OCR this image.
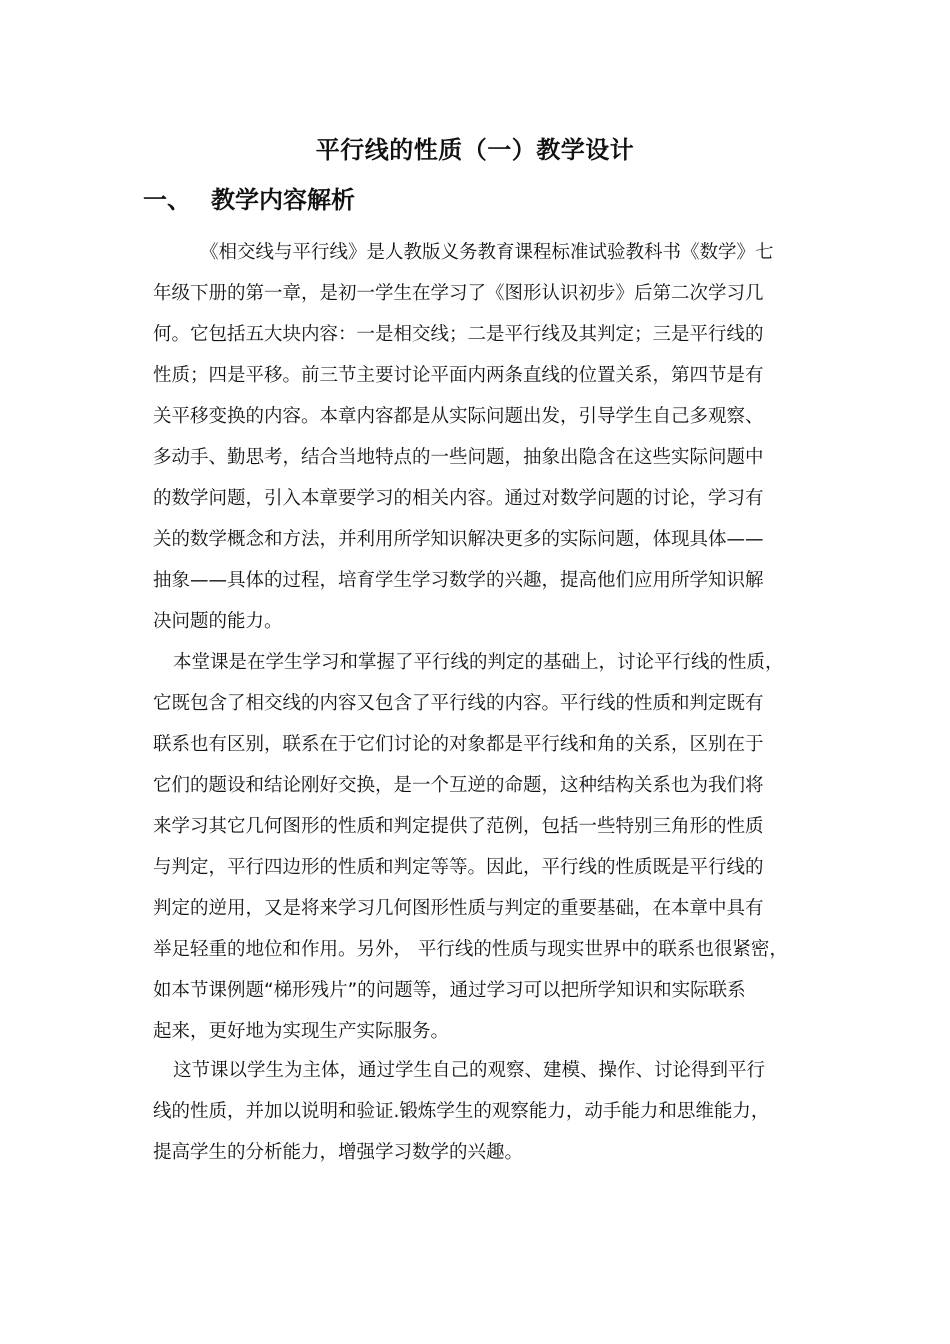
平行线的性质（一）教学设计
一、 教学内容解析

《相交线与平行线》是人教版义务教育课程标准试验教科书《数学》七

年级下册的第一章，是初一学生在学习了《图形认识初步》后第二次学习几

何。它包括五大块内容：一是相交线；二是平行线及其判定；三是平行线的

性质；四是平移。前三节主要讨论平面内两条直线的位置关系，第四节是有

关平移变换的内容。本章内容都是从实际问题出发，引导学生自己多观察、

多动手、勤思考，结合当地特点的一些问题，抽象出隐含在这些实际问题中

的数学问题，引入本章要学习的相关内容。通过对数学问题的讨论，学习有

关的数学概念和方法，并利用所学知识解决更多的实际问题，体现具体——

抽象——具体的过程，培育学生学习数学的兴趣，提高他们应用所学知识解

决问题的能力。

本堂课是在学生学习和掌握了平行线的判定的基础上，讨论平行线的性质，

它既包含了相交线的内容又包含了平行线的内容。平行线的性质和判定既有

联系也有区别，联系在于它们讨论的对象都是平行线和角的关系，区别在于

它们的题设和结论刚好交换，是一个互逆的命题，这种结构关系也为我们将

来学习其它几何图形的性质和判定提供了范例，包括一些特别三角形的性质

与判定，平行四边形的性质和判定等等。因此，平行线的性质既是平行线的

判定的逆用，又是将来学习几何图形性质与判定的重要基础，在本章中具有

举足轻重的地位和作用。另外， 平行线的性质与现实世界中的联系也很紧密，

如本节课例题“梯形残片”的问题等，通过学习可以把所学知识和实际联系

起来，更好地为实现生产实际服务。

这节课以学生为主体，通过学生自己的观察、建模、操作、讨论得到平行

线的性质，并加以说明和验证.锻炼学生的观察能力，动手能力和思维能力，

提高学生的分析能力，增强学习数学的兴趣。
